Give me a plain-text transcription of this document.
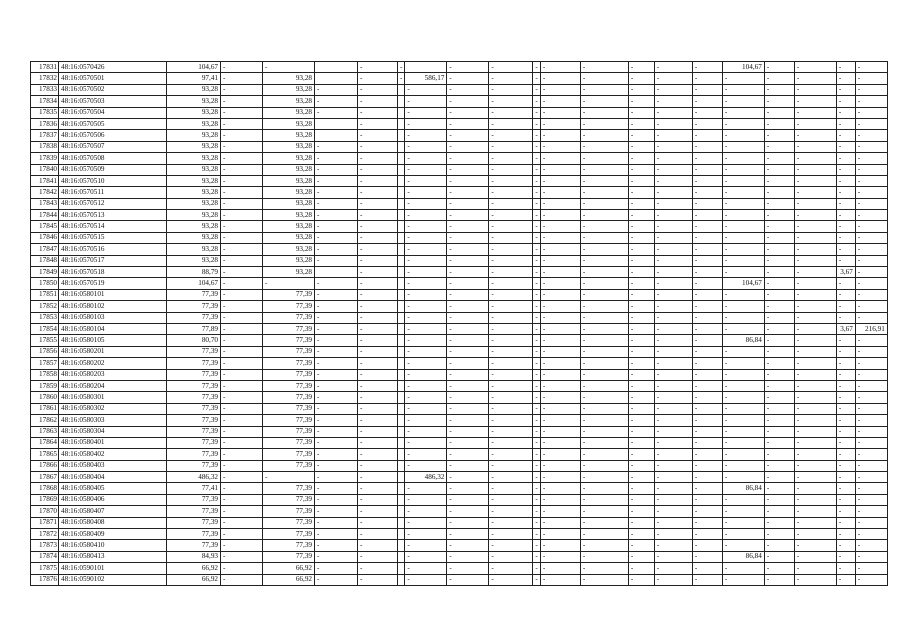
17831	48:16:0570426	104,67	-	-		-	-		-	-	-	-	-	-	-	-	104,67	-	-	-	-
17832	48:16:0570501	97,41	-	93,28		-	-	586,17	-	-	-	-	-	-	-	-	-	-	-	-	-
17833	48:16:0570502	93,28	-	93,28	-	-		-	-	-	-	-	-	-	-	-	-	-	-	-	-
17834	48:16:0570503	93,28	-	93,28	-	-		-	-	-	-	-	-	-	-	-	-	-	-	-	-
17835	48:16:0570504	93,28	-	93,28	-	-		-	-	-	-	-	-	-	-	-	-	-	-	-	-
17836	48:16:0570505	93,28	-	93,28		-		-	-	-	-	-	-	-	-	-	-	-	-	-	-
17837	48:16:0570506	93,28	-	93,28		-		-	-	-	-	-	-	-	-	-	-	-	-	-	-
17838	48:16:0570507	93,28	-	93,28	-	-		-	-	-	-	-	-	-	-	-	-	-	-	-	-
17839	48:16:0570508	93,28	-	93,28	-	-		-	-	-	-	-	-	-	-	-	-	-	-	-	-
17840	48:16:0570509	93,28	-	93,28	-	-		-	-	-	-	-	-	-	-	-	-	-	-	-	-
17841	48:16:0570510	93,28	-	93,28	-	-		-	-	-	-	-	-	-	-	-	-	-	-	-	-
17842	48:16:0570511	93,28	-	93,28	-	-		-	-	-	-	-	-	-	-	-	-	-	-	-	-
17843	48:16:0570512	93,28	-	93,28	-	-		-	-	-	-	-	-	-	-	-	-	-	-	-	-
17844	48:16:0570513	93,28	-	93,28	-	-		-	-	-	-	-	-	-	-	-	-	-	-	-	-
17845	48:16:0570514	93,28	-	93,28	-	-		-	-	-	-	-	-	-	-	-	-	-	-	-	-
17846	48:16:0570515	93,28	-	93,28	-	-		-	-	-	-	-	-	-	-	-	-	-	-	-	-
17847	48:16:0570516	93,28	-	93,28	-	-		-	-	-	-	-	-	-	-	-	-	-	-	-	-
17848	48:16:0570517	93,28	-	93,28	-	-		-	-	-	-	-	-	-	-	-	-	-	-	-	-
17849	48:16:0570518	88,79	-	93,28		-		-	-	-	-	-	-	-	-	-	-	-	-	3,67	-
17850	48:16:0570519	104,67	-	-	-	-		-	-	-	-	-	-	-	-	-	104,67	-	-	-	-
17851	48:16:0580101	77,39	-	77,39	-	-		-	-	-	-	-	-	-	-	-	-	-	-	-	-
17852	48:16:0580102	77,39	-	77,39	-	-		-	-	-	-	-	-	-	-	-	-	-	-	-	-
17853	48:16:0580103	77,39	-	77,39	-	-		-	-	-	-	-	-	-	-	-	-	-	-	-	-
17854	48:16:0580104	77,89	-	77,39	-	-		-	-	-	-	-	-	-	-	-	-	-	-	3,67	216,91
17855	48:16:0580105	80,70	-	77,39	-	-		-	-	-	-	-	-	-	-	-	86,84	-	-	-	-
17856	48:16:0580201	77,39	-	77,39	-	-		-	-	-	-	-	-	-	-	-	-	-	-	-	-
17857	48:16:0580202	77,39	-	77,39	-	-		-	-	-	-	-	-	-	-	-	-	-	-	-	-
17858	48:16:0580203	77,39	-	77,39	-	-		-	-	-	-	-	-	-	-	-	-	-	-	-	-
17859	48:16:0580204	77,39	-	77,39	-	-		-	-	-	-	-	-	-	-	-	-	-	-	-	-
17860	48:16:0580301	77,39	-	77,39	-	-		-	-	-	-	-	-	-	-	-	-	-	-	-	-
17861	48:16:0580302	77,39	-	77,39	-	-		-	-	-	-	-	-	-	-	-	-	-	-	-	-
17862	48:16:0580303	77,39	-	77,39	-	-		-	-	-	-	-	-	-	-	-	-	-	-	-	-
17863	48:16:0580304	77,39	-	77,39	-	-		-	-	-	-	-	-	-	-	-	-	-	-	-	-
17864	48:16:0580401	77,39	-	77,39	-	-		-	-	-	-	-	-	-	-	-	-	-	-	-	-
17865	48:16:0580402	77,39	-	77,39	-	-		-	-	-	-	-	-	-	-	-	-	-	-	-	-
17866	48:16:0580403	77,39	-	77,39	-	-		-	-	-	-	-	-	-	-	-	-	-	-	-	-
17867	48:16:0580404	486,32	-	-	-	-		486,32	-	-	-	-	-	-	-	-	-	-	-	-	-
17868	48:16:0580405	77,41	-	77,39	-	-		-	-	-	-	-	-	-	-	-	86,84	-	-	-	-
17869	48:16:0580406	77,39	-	77,39	-	-		-	-	-	-	-	-	-	-	-	-	-	-	-	-
17870	48:16:0580407	77,39	-	77,39	-	-		-	-	-	-	-	-	-	-	-	-	-	-	-	-
17871	48:16:0580408	77,39	-	77,39	-	-		-	-	-	-	-	-	-	-	-	-	-	-	-	-
17872	48:16:0580409	77,39	-	77,39	-	-		-	-	-	-	-	-	-	-	-	-	-	-	-	-
17873	48:16:0580410	77,39	-	77,39	-	-		-	-	-	-	-	-	-	-	-	-	-	-	-	-
17874	48:16:0580413	84,93	-	77,39	-	-		-	-	-	-	-	-	-	-	-	86,84	-	-	-	-
17875	48:16:0590101	66,92	-	66,92	-	-		-	-	-	-	-	-	-	-	-	-	-	-	-	-
17876	48:16:0590102	66,92	-	66,92	-	-		-	-	-	-	-	-	-	-	-	-	-	-	-	-
